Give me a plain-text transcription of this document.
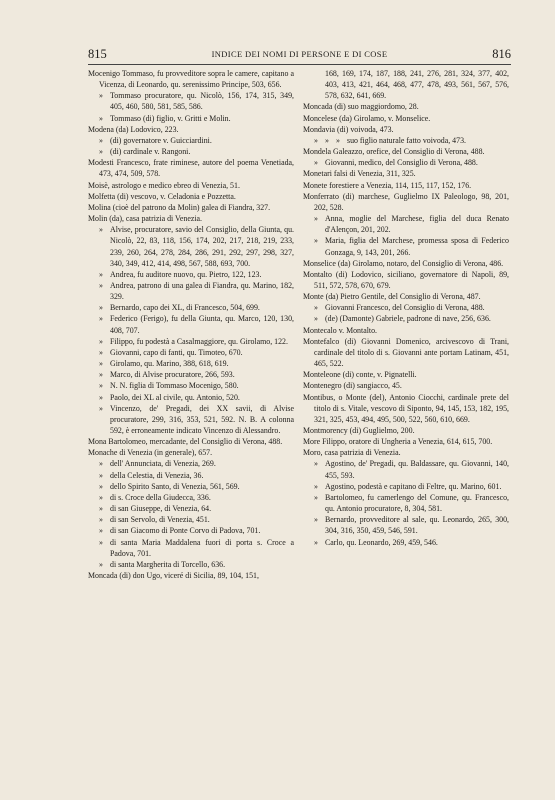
815	INDICE DEI NOMI DI PERSONE E DI COSE	816
Mocenigo Tommaso, fu provveditore sopra le camere, capitano a Vicenza, di Leonardo, qu. serenissimo Principe, 503, 656.
» Tommaso procuratore, qu. Nicolò, 156, 174, 315, 349, 405, 460, 580, 581, 585, 586.
» Tommaso (di) figlio, v. Gritti e Molin.
Modena (da) Lodovico, 223.
» (di) governatore v. Guicciardini.
» (di) cardinale v. Rangoni.
Modesti Francesco, frate riminese, autore del poema Venetiada, 473, 474, 509, 578.
Moisè, astrologo e medico ebreo di Venezia, 51.
Molfetta (di) vescovo, v. Celadonia e Pozzetta.
Molina (cioè del patrono da Molin) galea di Fiandra, 327.
Molin (da), casa patrizia di Venezia.
» Alvise, procuratore, savio del Consiglio, della Giunta, qu. Nicolò, 22, 83, 118, 156, 174, 202, 217, 218, 219, 233, 239, 260, 264, 278, 284, 286, 291, 292, 297, 298, 327, 340, 349, 412, 414, 498, 567, 588, 693, 700.
» Andrea, fu auditore nuovo, qu. Pietro, 122, 123.
» Andrea, patrono di una galea di Fiandra, qu. Marino, 182, 329.
» Bernardo, capo dei XL, di Francesco, 504, 699.
» Federico (Ferigo), fu della Giunta, qu. Marco, 120, 130, 408, 707.
» Filippo, fu podestà a Casalmaggiore, qu. Girolamo, 122.
» Giovanni, capo di fanti, qu. Timoteo, 670.
» Girolamo, qu. Marino, 388, 618, 619.
» Marco, di Alvise procuratore, 266, 593.
» N. N. figlia di Tommaso Mocenigo, 580.
» Paolo, dei XL al civile, qu. Antonio, 520.
» Vincenzo, de' Pregadi, dei XX savii, di Alvise procuratore, 299, 316, 353, 521, 592. N. B. A colonna 592, è erroneamente indicato Vincenzo di Alessandro.
Mona Bartolomeo, mercadante, del Consiglio di Verona, 488.
Monache di Venezia (in generale), 657.
» dell' Annunciata, di Venezia, 269.
» della Celestia, di Venezia, 36.
» dello Spirito Santo, di Venezia, 561, 569.
» di s. Croce della Giudecca, 336.
» di san Giuseppe, di Venezia, 64.
» di san Servolo, di Venezia, 451.
» di san Giacomo di Ponte Corvo di Padova, 701.
» di santa Maria Maddalena fuori di porta s. Croce a Padova, 701.
» di santa Margherita di Torcello, 636.
Moncada (di) don Ugo, viceré di Sicilia, 89, 104, 151,
168, 169, 174, 187, 188, 241, 276, 281, 324, 377, 402, 403, 413, 421, 464, 468, 477, 478, 493, 561, 567, 576, 578, 632, 641, 669.
Moncada (di) suo maggiordomo, 28.
Moncelese (da) Girolamo, v. Monselice.
Mondavia (di) voivoda, 473.
» » » suo figlio naturale fatto voivoda, 473.
Mondela Galeazzo, orefice, del Consiglio di Verona, 488.
» Giovanni, medico, del Consiglio di Verona, 488.
Monetari falsi di Venezia, 311, 325.
Monete forestiere a Venezia, 114, 115, 117, 152, 176.
Monferrato (di) marchese, Guglielmo IX Paleologo, 98, 201, 202, 528.
» Anna, moglie del Marchese, figlia del duca Renato d'Alençon, 201, 202.
» Maria, figlia del Marchese, promessa sposa di Federico Gonzaga, 9, 143, 201, 266.
Monselice (da) Girolamo, notaro, del Consiglio di Verona, 486.
Montalto (di) Lodovico, siciliano, governatore di Napoli, 89, 511, 572, 578, 670, 679.
Monte (da) Pietro Gentile, del Consiglio di Verona, 487.
» Giovanni Francesco, del Consiglio di Verona, 488.
» (de) (Damonte) Gabriele, padrone di nave, 256, 636.
Montecalo v. Montalto.
Montefalco (di) Giovanni Domenico, arcivescovo di Trani, cardinale del titolo di s. Giovanni ante portam Latinam, 451, 465, 522.
Monteleone (di) conte, v. Pignatelli.
Montenegro (di) sangiacco, 45.
Montibus, o Monte (del), Antonio Ciocchi, cardinale prete del titolo di s. Vitale, vescovo di Siponto, 94, 145, 153, 182, 195, 321, 325, 453, 494, 495, 500, 522, 560, 610, 669.
Montmorency (di) Guglielmo, 200.
More Filippo, oratore di Ungheria a Venezia, 614, 615, 700.
Moro, casa patrizia di Venezia.
» Agostino, de' Pregadi, qu. Baldassare, qu. Giovanni, 140, 455, 593.
» Agostino, podestà e capitano di Feltre, qu. Marino, 601.
» Bartolomeo, fu camerlengo del Comune, qu. Francesco, qu. Antonio procuratore, 8, 304, 581.
» Bernardo, provveditore al sale, qu. Leonardo, 265, 300, 304, 316, 350, 459, 546, 591.
» Carlo, qu. Leonardo, 269, 459, 546.
